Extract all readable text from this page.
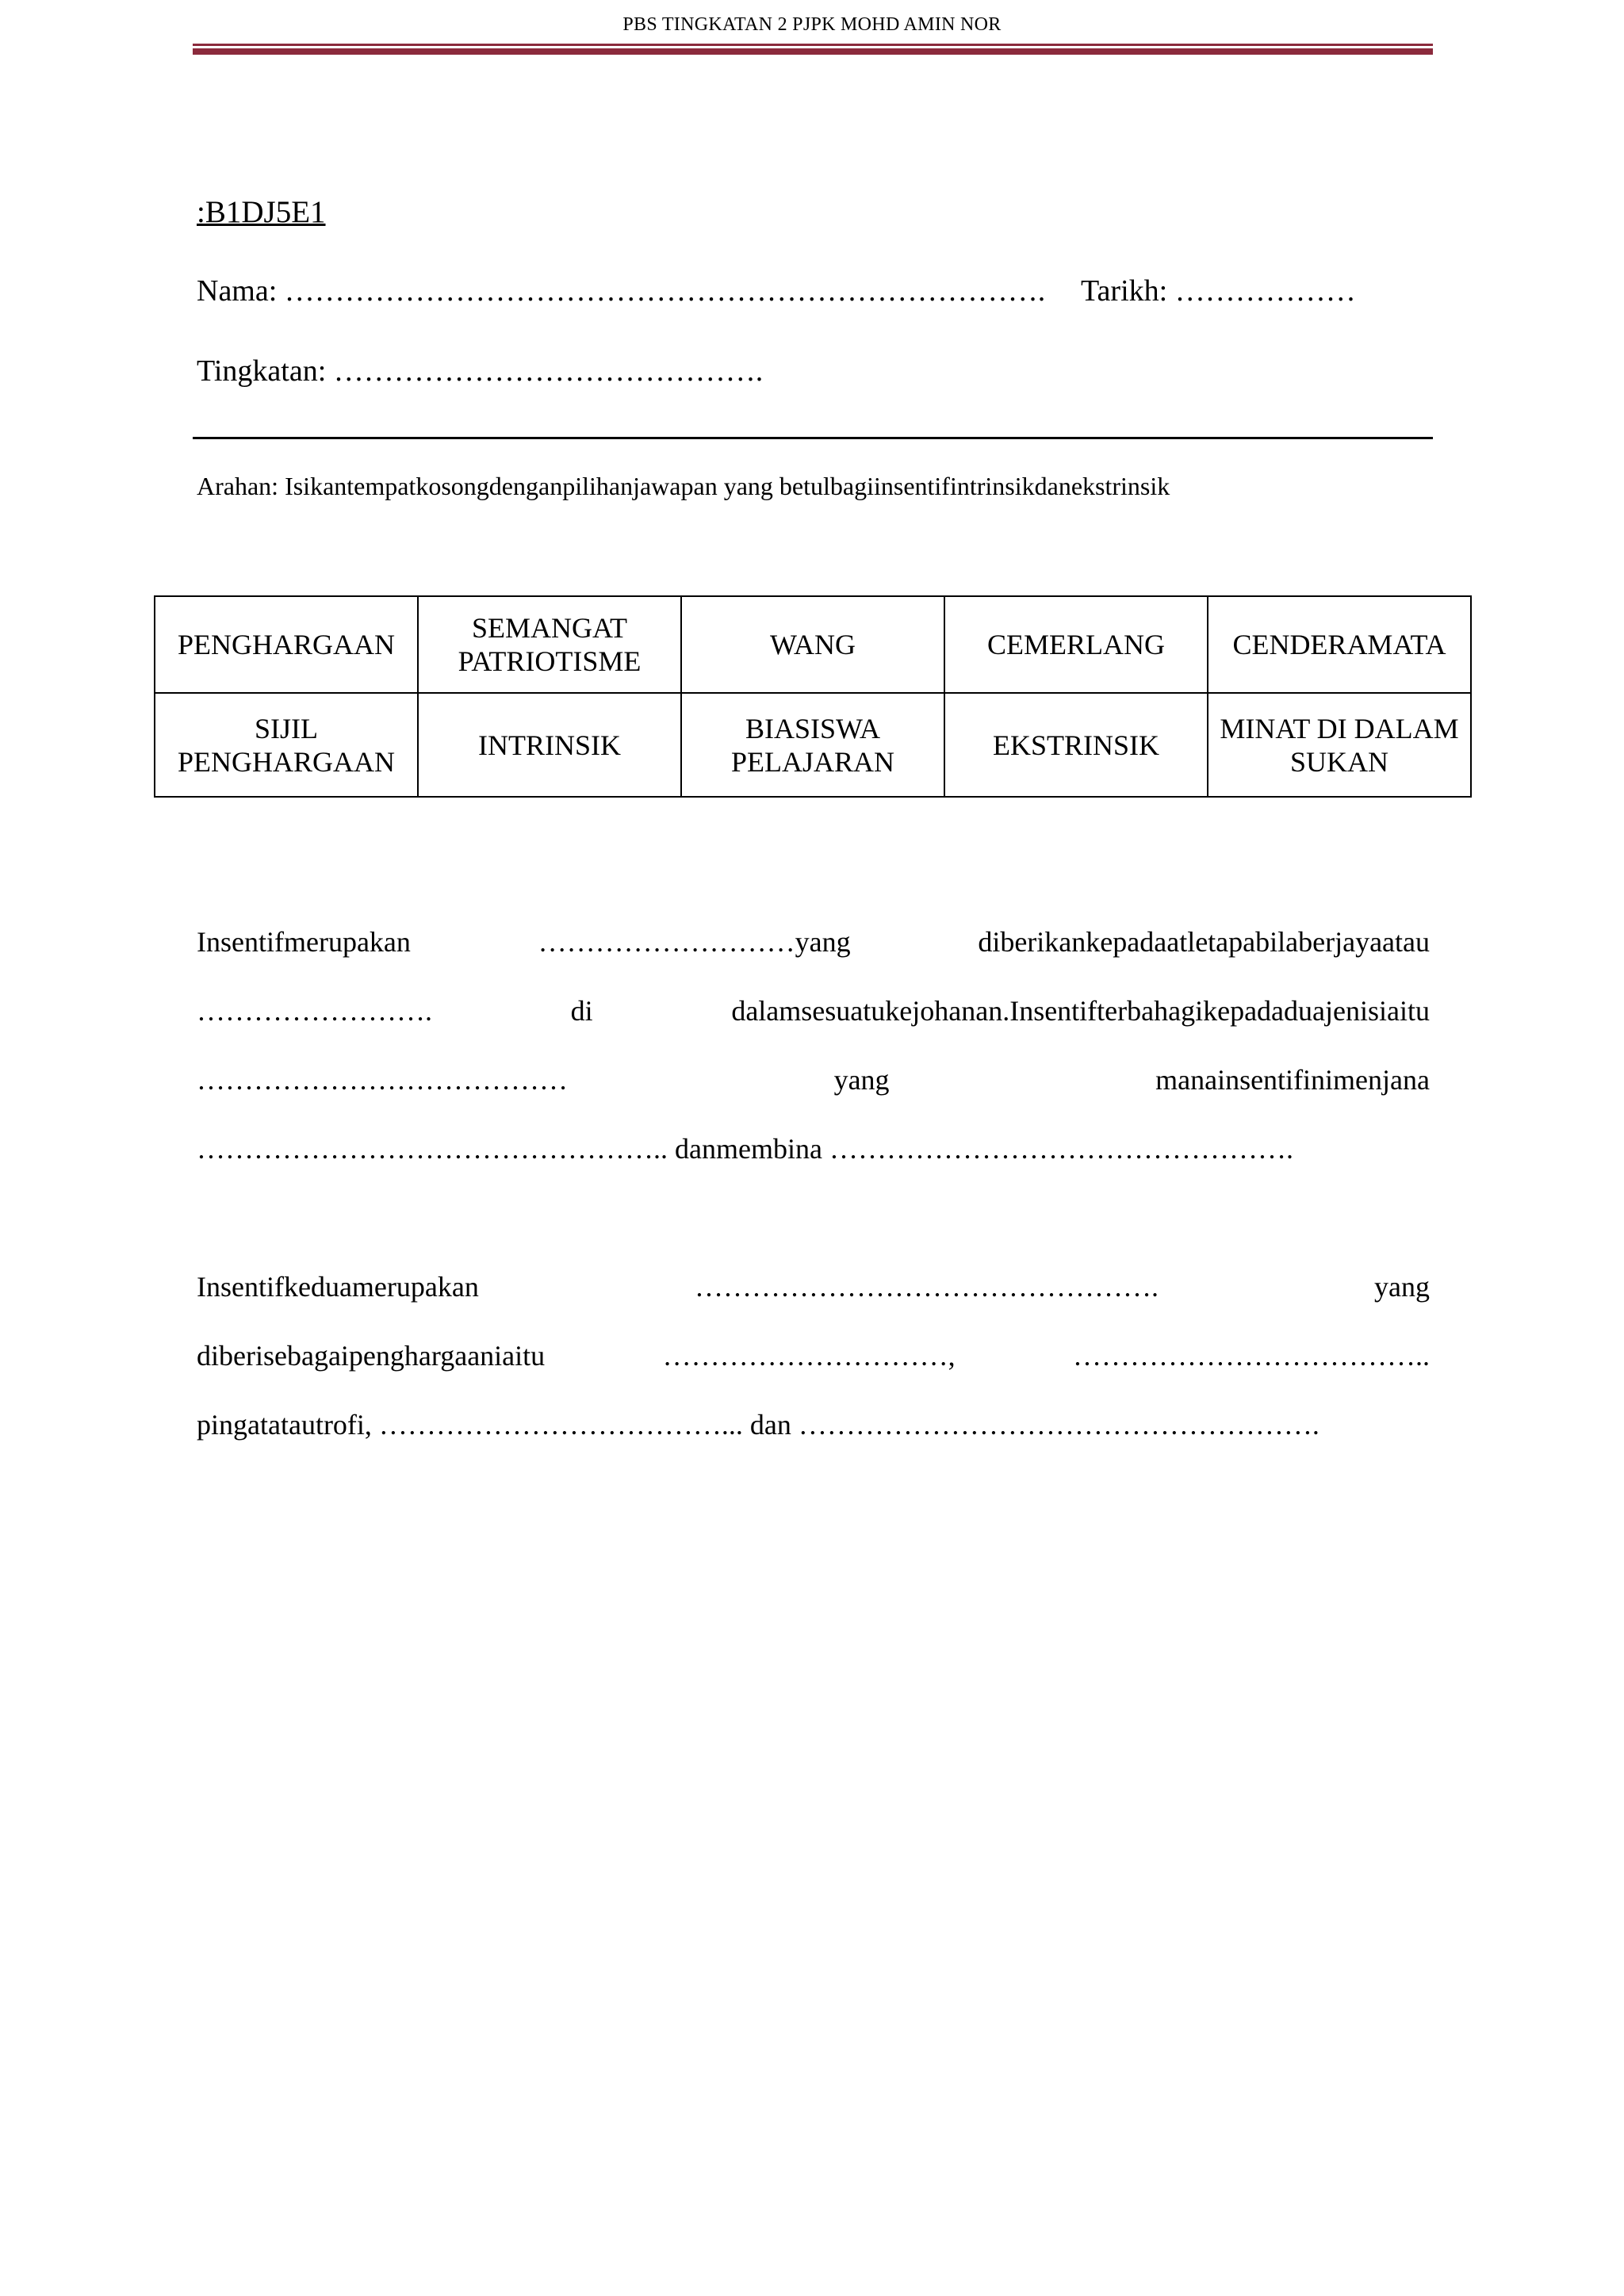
PBS TINGKATAN 2 PJPK MOHD AMIN NOR
:B1DJ5E1
Nama: …………………………………………………………………. Tarikh: ………………
Tingkatan: …………………………………….
Arahan: Isikantempatkosongdenganpilihanjawapan yang betulbagiinsentifintrinsikdanekstrinsik
PENGHARGAAN	SEMANGAT PATRIOTISME	WANG	CEMERLANG	CENDERAMATA
SIJIL PENGHARGAAN	INTRINSIK	BIASISWA PELAJARAN	EKSTRINSIK	MINAT DI DALAM SUKAN
Insentifmerupakan	………………………yang	diberikankepadaatletapabilaberjayaatau
…………………….	di	dalamsesuatukejohanan.Insentifterbahagikepadaduajenisiaitu
…………………………………	yang	manainsentifinimenjana
………………………………………….. danmembina ………………………………………….
Insentifkeduamerupakan	………………………………………….	yang
diberisebagaipenghargaaniaitu	…………………………,	………………………………..
pingatatautrofi, ………………………………... dan ……………………………………………….
